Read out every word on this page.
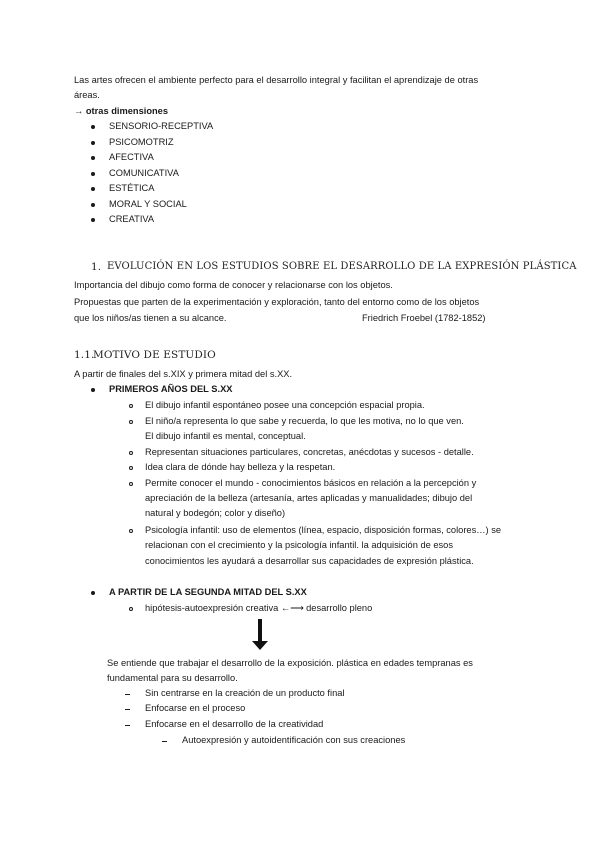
Las artes ofrecen el ambiente perfecto para el desarrollo integral y facilitan el aprendizaje de otras
áreas.
→ otras dimensiones
SENSORIO-RECEPTIVA
PSICOMOTRIZ
AFECTIVA
COMUNICATIVA
ESTÉTICA
MORAL Y SOCIAL
CREATIVA
1. EVOLUCIÓN EN LOS ESTUDIOS SOBRE EL DESARROLLO DE LA EXPRESIÓN PLÁSTICA
Importancia del dibujo como forma de conocer y relacionarse con los objetos.
Propuestas que parten de la experimentación y exploración, tanto del entorno como de los objetos
que los niños/as tienen a su alcance.	Friedrich Froebel (1782-1852)
1.1.
MOTIVO DE ESTUDIO
A partir de finales del s.XIX y primera mitad del s.XX.
PRIMEROS AÑOS DEL S.XX
El dibujo infantil espontáneo posee una concepción espacial propia.
El niño/a representa lo que sabe y recuerda, lo que les motiva, no lo que ven.
El dibujo infantil es mental, conceptual.
Representan situaciones particulares, concretas, anécdotas y sucesos - detalle.
Idea clara de dónde hay belleza y la respetan.
Permite conocer el mundo - conocimientos básicos en relación a la percepción y
apreciación de la belleza (artesanía, artes aplicadas y manualidades; dibujo del
natural y bodegón; color y diseño)
Psicología infantil: uso de elementos (línea, espacio, disposición formas, colores…) se
relacionan con el crecimiento y la psicología infantil. la adquisición de esos
conocimientos les ayudará a desarrollar sus capacidades de expresión plástica.
A PARTIR DE LA SEGUNDA MITAD DEL S.XX
hipótesis-autoexpresión creativa ←⟶ desarrollo pleno
Se entiende que trabajar el desarrollo de la exposición. plástica en edades tempranas es
fundamental para su desarrollo.
Sin centrarse en la creación de un producto final
Enfocarse en el proceso
Enfocarse en el desarrollo de la creatividad
Autoexpresión y autoidentificación con sus creaciones
